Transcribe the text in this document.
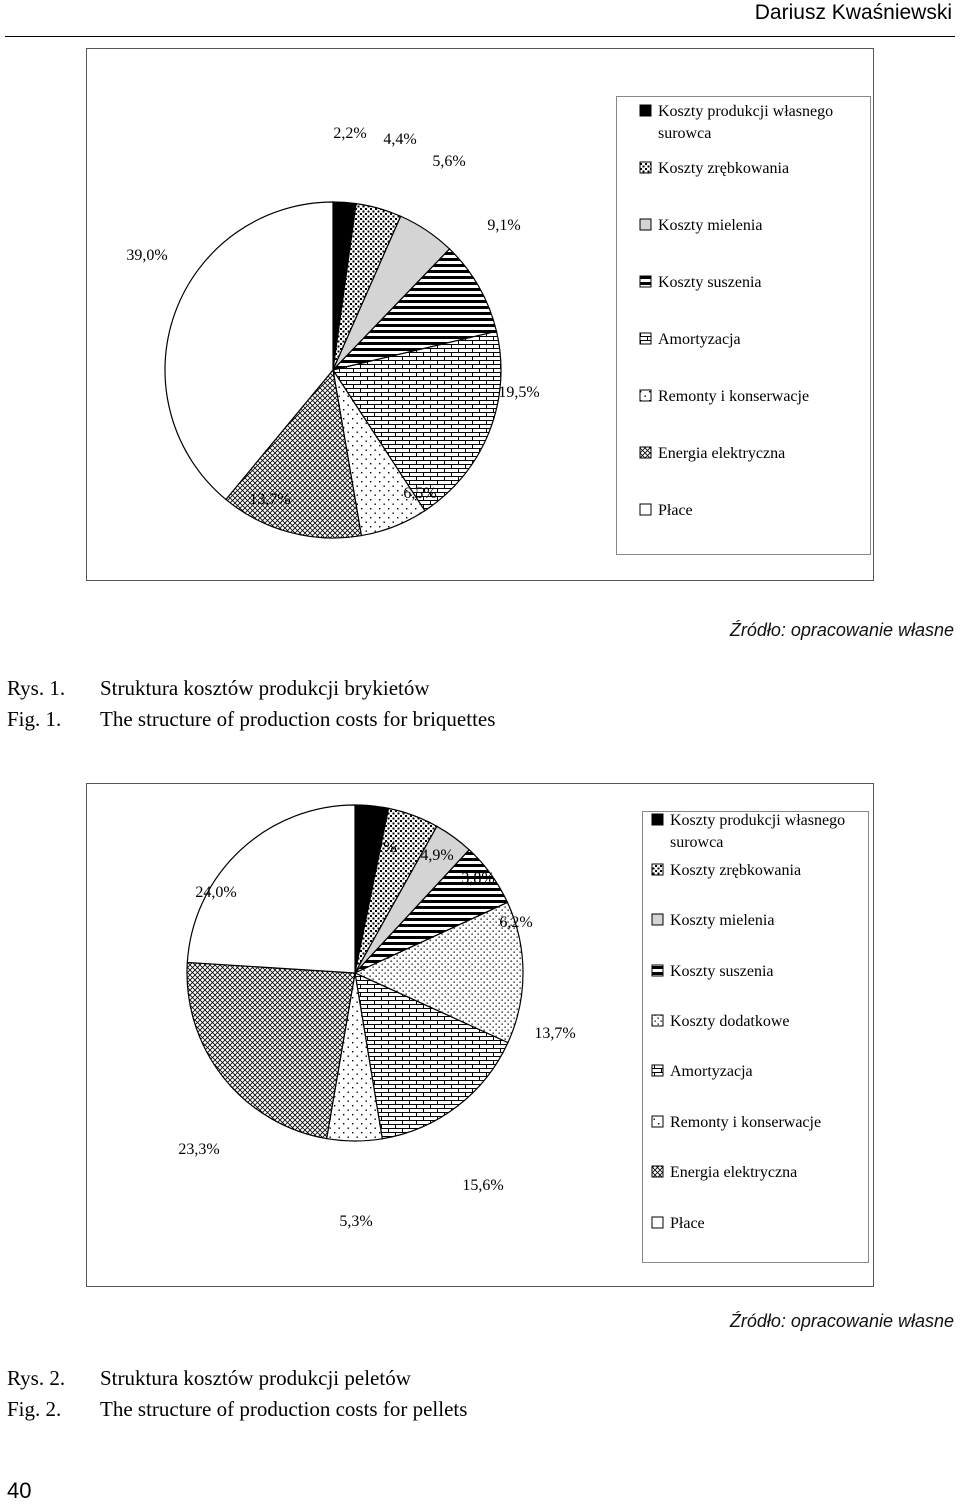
Dariusz Kwaśniewski
2,2% 4,4%
5,6%
9,1%
19,5%
6,5%
13,7%
39,0%
Koszty produkcji własnego surowca
Koszty zrębkowania
Koszty mielenia
Koszty suszenia
Amortyzacja
Remonty i konserwacje
Energia elektryczna
Płace
Źródło: opracowanie własne
Rys. 1.	Struktura kosztów produkcji brykietów
Fig. 1.	The structure of production costs for briquettes
3,2% 4,9%
3,8%
6,2%
13,7%
15,6%
5,3%
23,3%
24,0%
Koszty produkcji własnego surowca
Koszty zrębkowania
Koszty mielenia
Koszty suszenia
Koszty dodatkowe
Amortyzacja
Remonty i konserwacje
Energia elektryczna
Płace
Źródło: opracowanie własne
Rys. 2.	Struktura kosztów produkcji peletów
Fig. 2.	The structure of production costs for pellets
40
